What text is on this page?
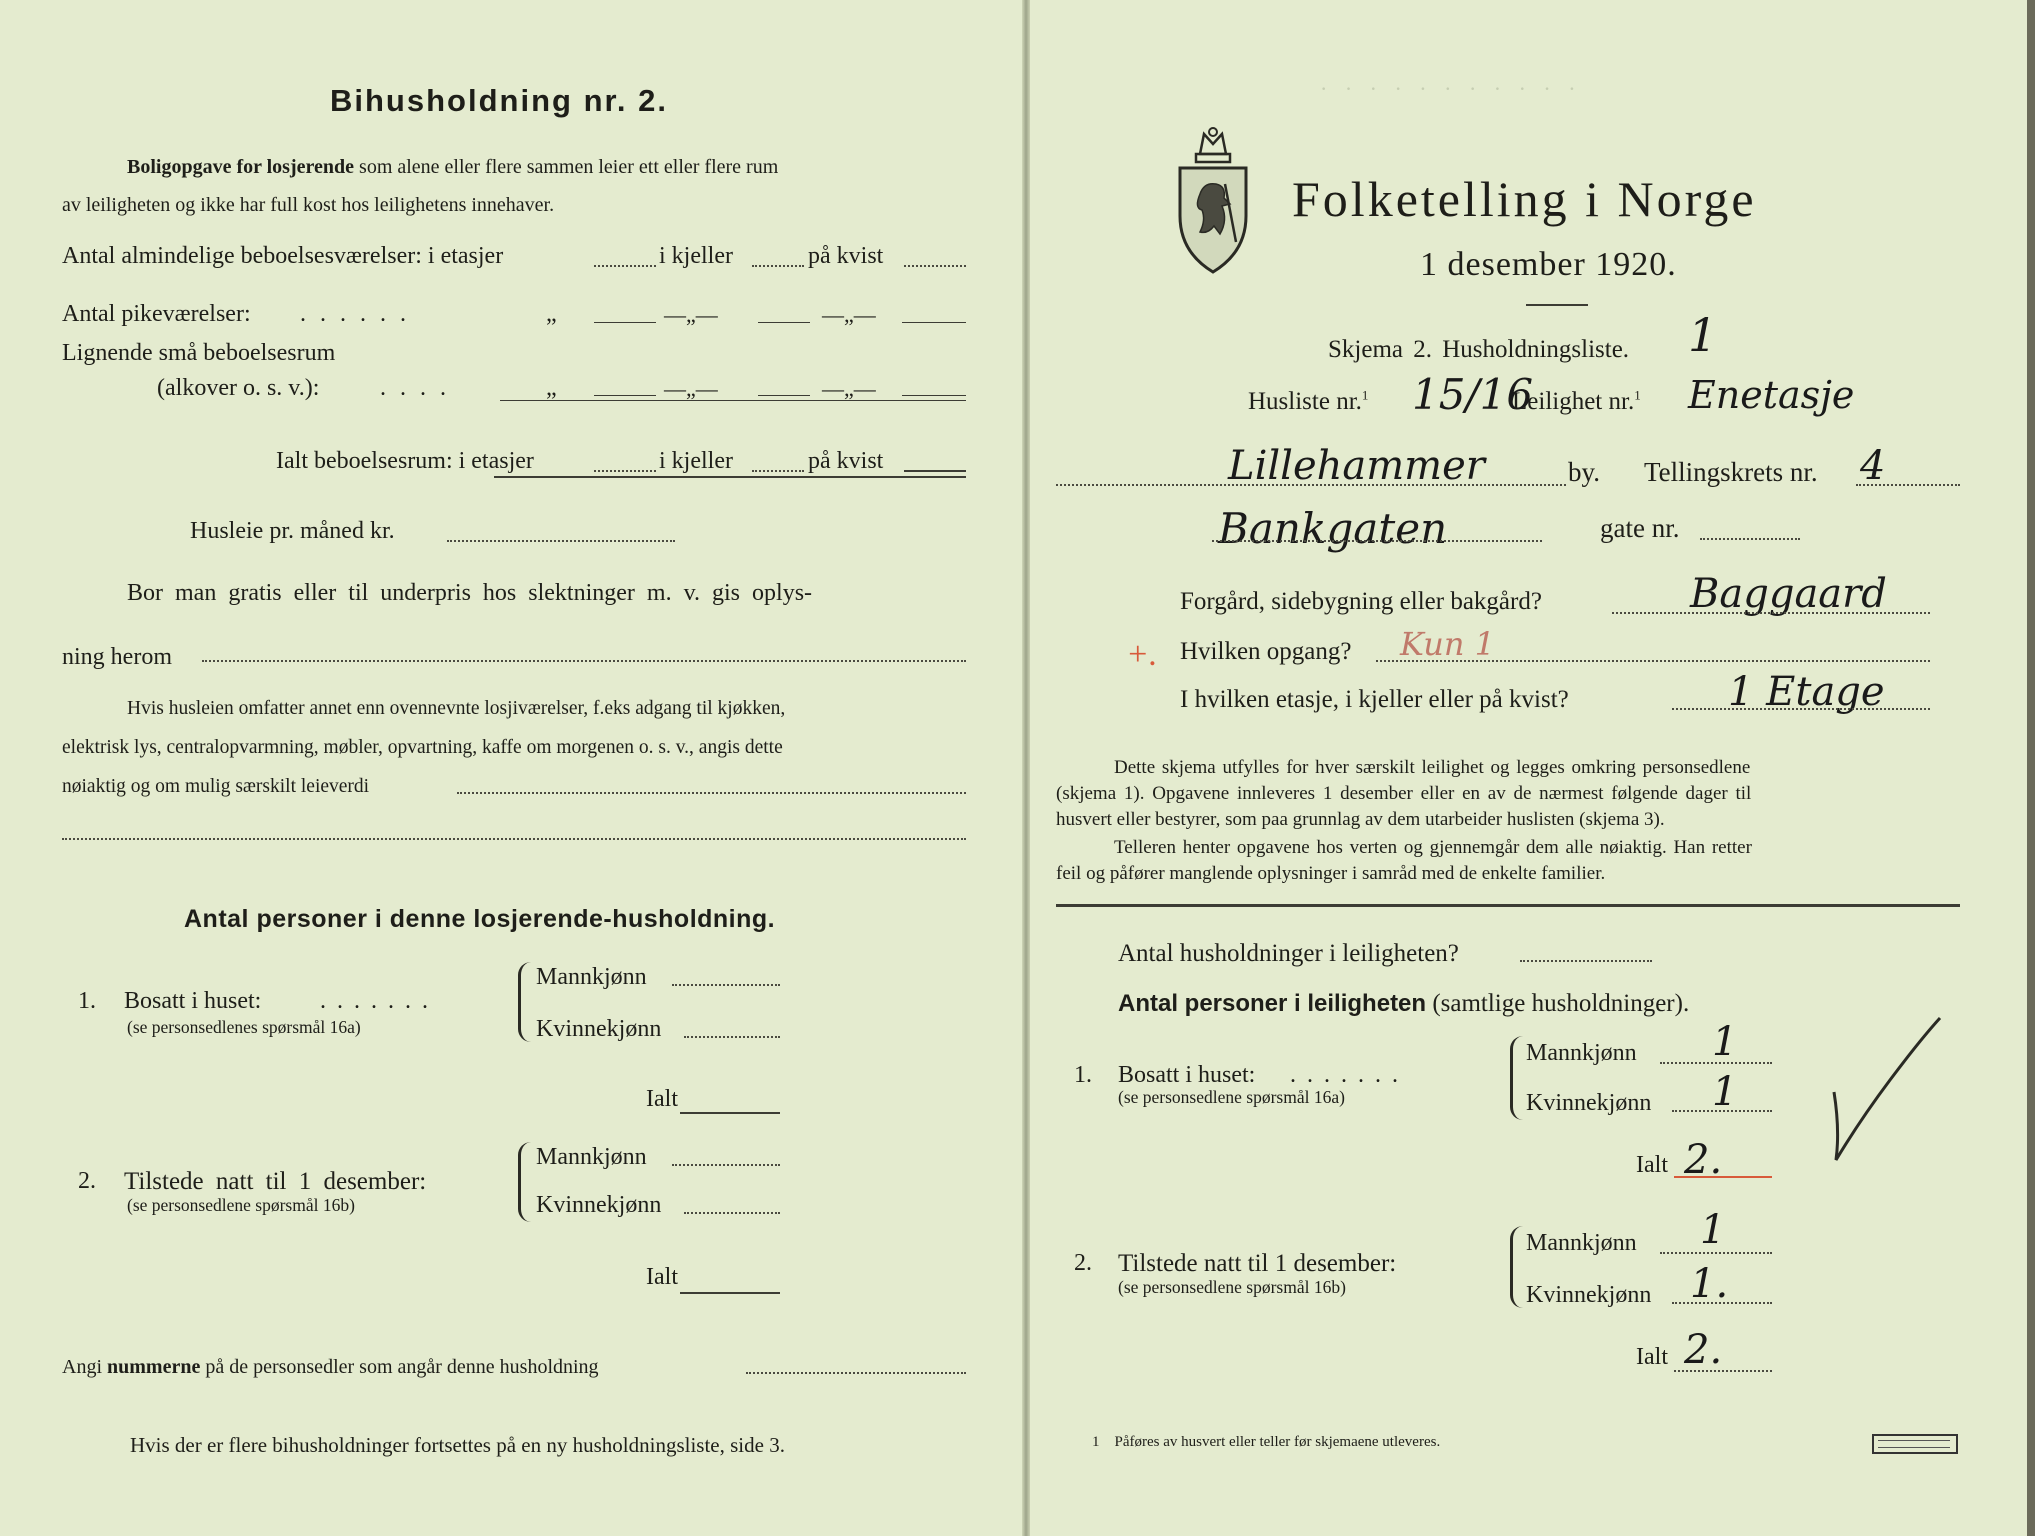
· · · · · · · · · · ·
Bihusholdning nr. 2.
Boligopgave for losjerende som alene eller flere sammen leier ett eller flere rum
av leiligheten og ikke har full kost hos leilighetens innehaver.
Antal almindelige beboelsesværelser: i etasjer	i kjeller	på kvist
Antal pikeværelser: ......	„	—„—	—„—
Lignende små beboelsesrum
(alkover o. s. v.):	....	„	—„—	—„—
Ialt beboelsesrum: i etasjer	i kjeller	på kvist
Husleie pr. måned kr.
Bor man gratis eller til underpris hos slektninger m. v. gis oplys-
ning herom
Hvis husleien omfatter annet enn ovennevnte losjiværelser, f.eks adgang til kjøkken,
elektrisk lys, centralopvarmning, møbler, opvartning, kaffe om morgenen o. s. v., angis dette
nøiaktig og om mulig særskilt leieverdi
Antal personer i denne losjerende-husholdning.
1. Bosatt i huset: .......
(se personsedlenes spørsmål 16a)
Mannkjønn
Kvinnekjønn
Ialt
2. Tilstede natt til 1 desember:
(se personsedlene spørsmål 16b)
Mannkjønn
Kvinnekjønn
Ialt
Angi nummerne på de personsedler som angår denne husholdning
Hvis der er flere bihusholdninger fortsettes på en ny husholdningsliste, side 3.
Folketelling i Norge
1 desember 1920.
Skjema 2. Husholdningsliste. 1
Husliste nr.$^1$ 15/16
Leilighet nr.$^1$ Enetasje
Lillehammer	by. Tellingskrets nr. 4
Bankgaten	gate nr.
Forgård, sidebygning eller bakgård?	Baggaard
+. Hvilken opgang? Kun 1
I hvilken etasje, i kjeller eller på kvist?	1 Etage
Dette skjema utfylles for hver særskilt leilighet og legges omkring personsedlene
(skjema 1). Opgavene innleveres 1 desember eller en av de nærmest følgende dager til
husvert eller bestyrer, som paa grunnlag av dem utarbeider huslisten (skjema 3).
Telleren henter opgavene hos verten og gjennemgår dem alle nøiaktig. Han retter
feil og påfører manglende oplysninger i samråd med de enkelte familier.
Antal husholdninger i leiligheten?
Antal personer i leiligheten (samtlige husholdninger).
1. Bosatt i huset: .......
(se personsedlene spørsmål 16a)
Mannkjønn 1
Kvinnekjønn 1
Ialt 2.
2. Tilstede natt til 1 desember:
(se personsedlene spørsmål 16b)
Mannkjønn 1
Kvinnekjønn 1.
Ialt 2.
1 Påføres av husvert eller teller før skjemaene utleveres.
